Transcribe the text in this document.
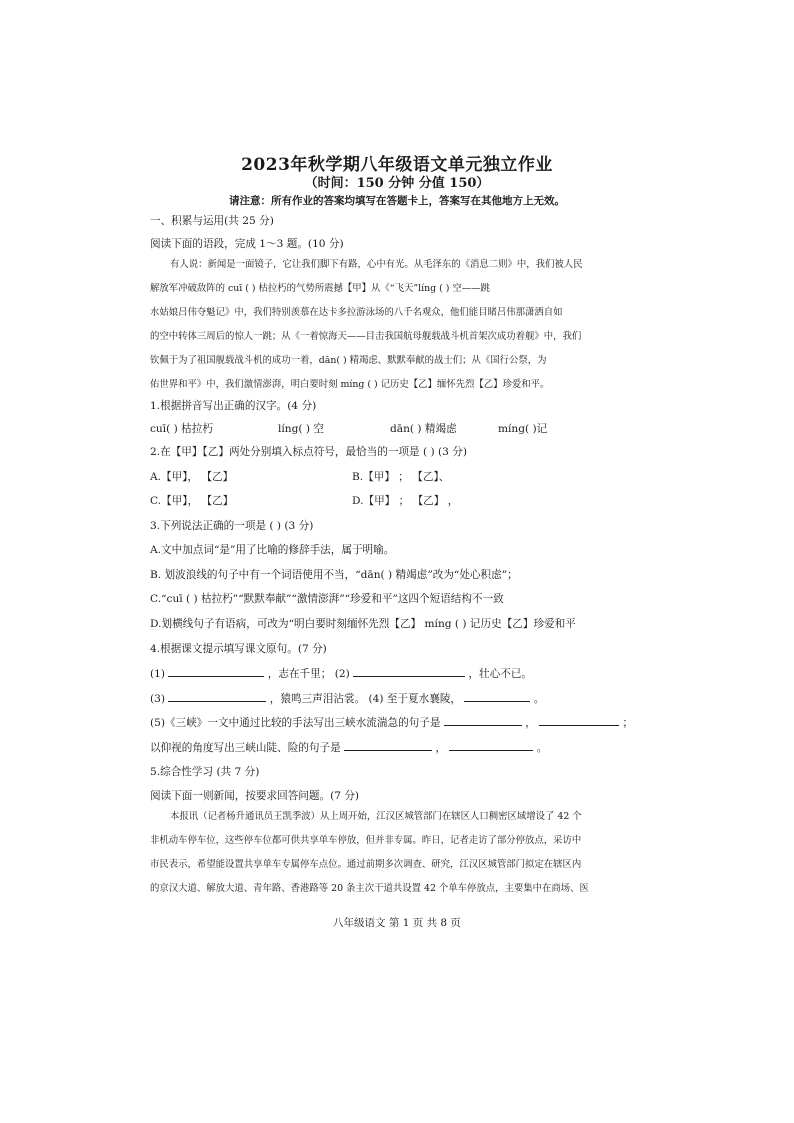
2023年秋学期八年级语文单元独立作业
（时间：150 分钟 分值 150）
请注意：所有作业的答案均填写在答题卡上，答案写在其他地方上无效。
一、积累与运用(共 25 分)
阅读下面的语段，完成 1～3 题。(10 分)
有人说：新闻是一面镜子，它让我们脚下有路，心中有光。从毛泽东的《消息二则》中，我们被人民
解放军冲破敌阵的 cuī ( ) 枯拉朽的气势所震撼【甲】从《“飞天”líng ( ) 空——跳
水姑娘吕伟夺魁记》中，我们特别羡慕在达卡多拉游泳场的八千名观众，他们能目睹吕伟那潇洒自如
的空中转体三周后的惊人一跳；从《一着惊海天——目击我国航母舰载战斗机首架次成功着舰》中，我们
钦佩于为了祖国舰载战斗机的成功一着，dān( ) 精竭虑、默默奉献的战士们；从《国行公祭，为
佑世界和平》中，我们激情澎湃，明白要时刻 míng ( ) 记历史【乙】缅怀先烈【乙】珍爱和平。
1.根据拼音写出正确的汉字。(4 分)
cuī( ) 枯拉朽	líng( ) 空	dān( ) 精竭虑	míng( )记
2.在【甲】【乙】两处分别填入标点符号，最恰当的一项是 ( ) (3 分)
A.【甲】， 【乙】	B.【甲】 ； 【乙】、
C.【甲】， 【乙】	D.【甲】 ； 【乙】 ，
3.下列说法正确的一项是 ( ) (3 分)
A.文中加点词“是”用了比喻的修辞手法，属于明喻。
B. 划波浪线的句子中有一个词语使用不当，“dān( ) 精竭虑”改为“处心积虑”；
C.“cuī ( ) 枯拉朽”“默默奉献”“激情澎湃”“珍爱和平”这四个短语结构不一致
D.划横线句子有语病，可改为“明白要时刻缅怀先烈【乙】 míng ( ) 记历史【乙】珍爱和平
4.根据课文提示填写课文原句。(7 分)
(1)	，志在千里； (2)	，壮心不已。
(3)	，猿鸣三声泪沾裳。 (4) 至于夏水襄陵，	。
(5)《三峡》一文中通过比较的手法写出三峡水流湍急的句子是	，	；
以仰视的角度写出三峡山陡、险的句子是	，	。
5.综合性学习 (共 7 分)
阅读下面一则新闻，按要求回答问题。(7 分)
本报讯（记者杨升通讯员王凯季波）从上周开始，江汉区城管部门在辖区人口稠密区域增设了 42 个
非机动车停车位，这些停车位都可供共享单车停放，但并非专属。昨日，记者走访了部分停放点，采访中
市民表示，希望能设置共享单车专属停车点位。通过前期多次调查、研究，江汉区城管部门拟定在辖区内
的京汉大道、解放大道、青年路、香港路等 20 条主次干道共设置 42 个单车停放点，主要集中在商场、医
八年级语文 第 1 页 共 8 页
